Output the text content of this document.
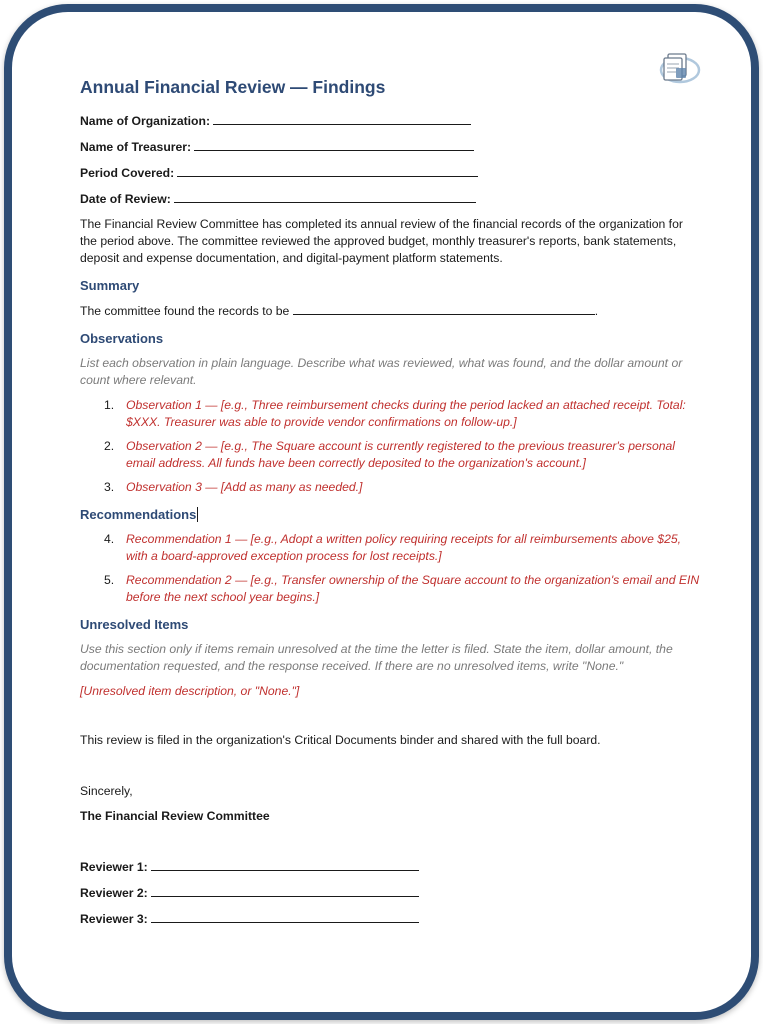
Annual Financial Review — Findings
Name of Organization:
Name of Treasurer:
Period Covered:
Date of Review:

The Financial Review Committee has completed its annual review of the financial records of the organization for the period above. The committee reviewed the approved budget, monthly treasurer's reports, bank statements, deposit and expense documentation, and digital-payment platform statements.

Summary

The committee found the records to be	.

Observations

List each observation in plain language. Describe what was reviewed, what was found, and the dollar amount or count where relevant.

1. Observation 1 — [e.g., Three reimbursement checks during the period lacked an attached receipt. Total: $XXX. Treasurer was able to provide vendor confirmations on follow-up.]
2. Observation 2 — [e.g., The Square account is currently registered to the previous treasurer's personal email address. All funds have been correctly deposited to the organization's account.]
3. Observation 3 — [Add as many as needed.]
Recommendations
4. Recommendation 1 — [e.g., Adopt a written policy requiring receipts for all reimbursements above $25, with a board-approved exception process for lost receipts.]
5. Recommendation 2 — [e.g., Transfer ownership of the Square account to the organization's email and EIN before the next school year begins.]
Unresolved Items

Use this section only if items remain unresolved at the time the letter is filed. State the item, dollar amount, the documentation requested, and the response received. If there are no unresolved items, write "None."

[Unresolved item description, or "None."]

This review is filed in the organization's Critical Documents binder and shared with the full board.

Sincerely,

The Financial Review Committee

Reviewer 1:
Reviewer 2:
Reviewer 3:
